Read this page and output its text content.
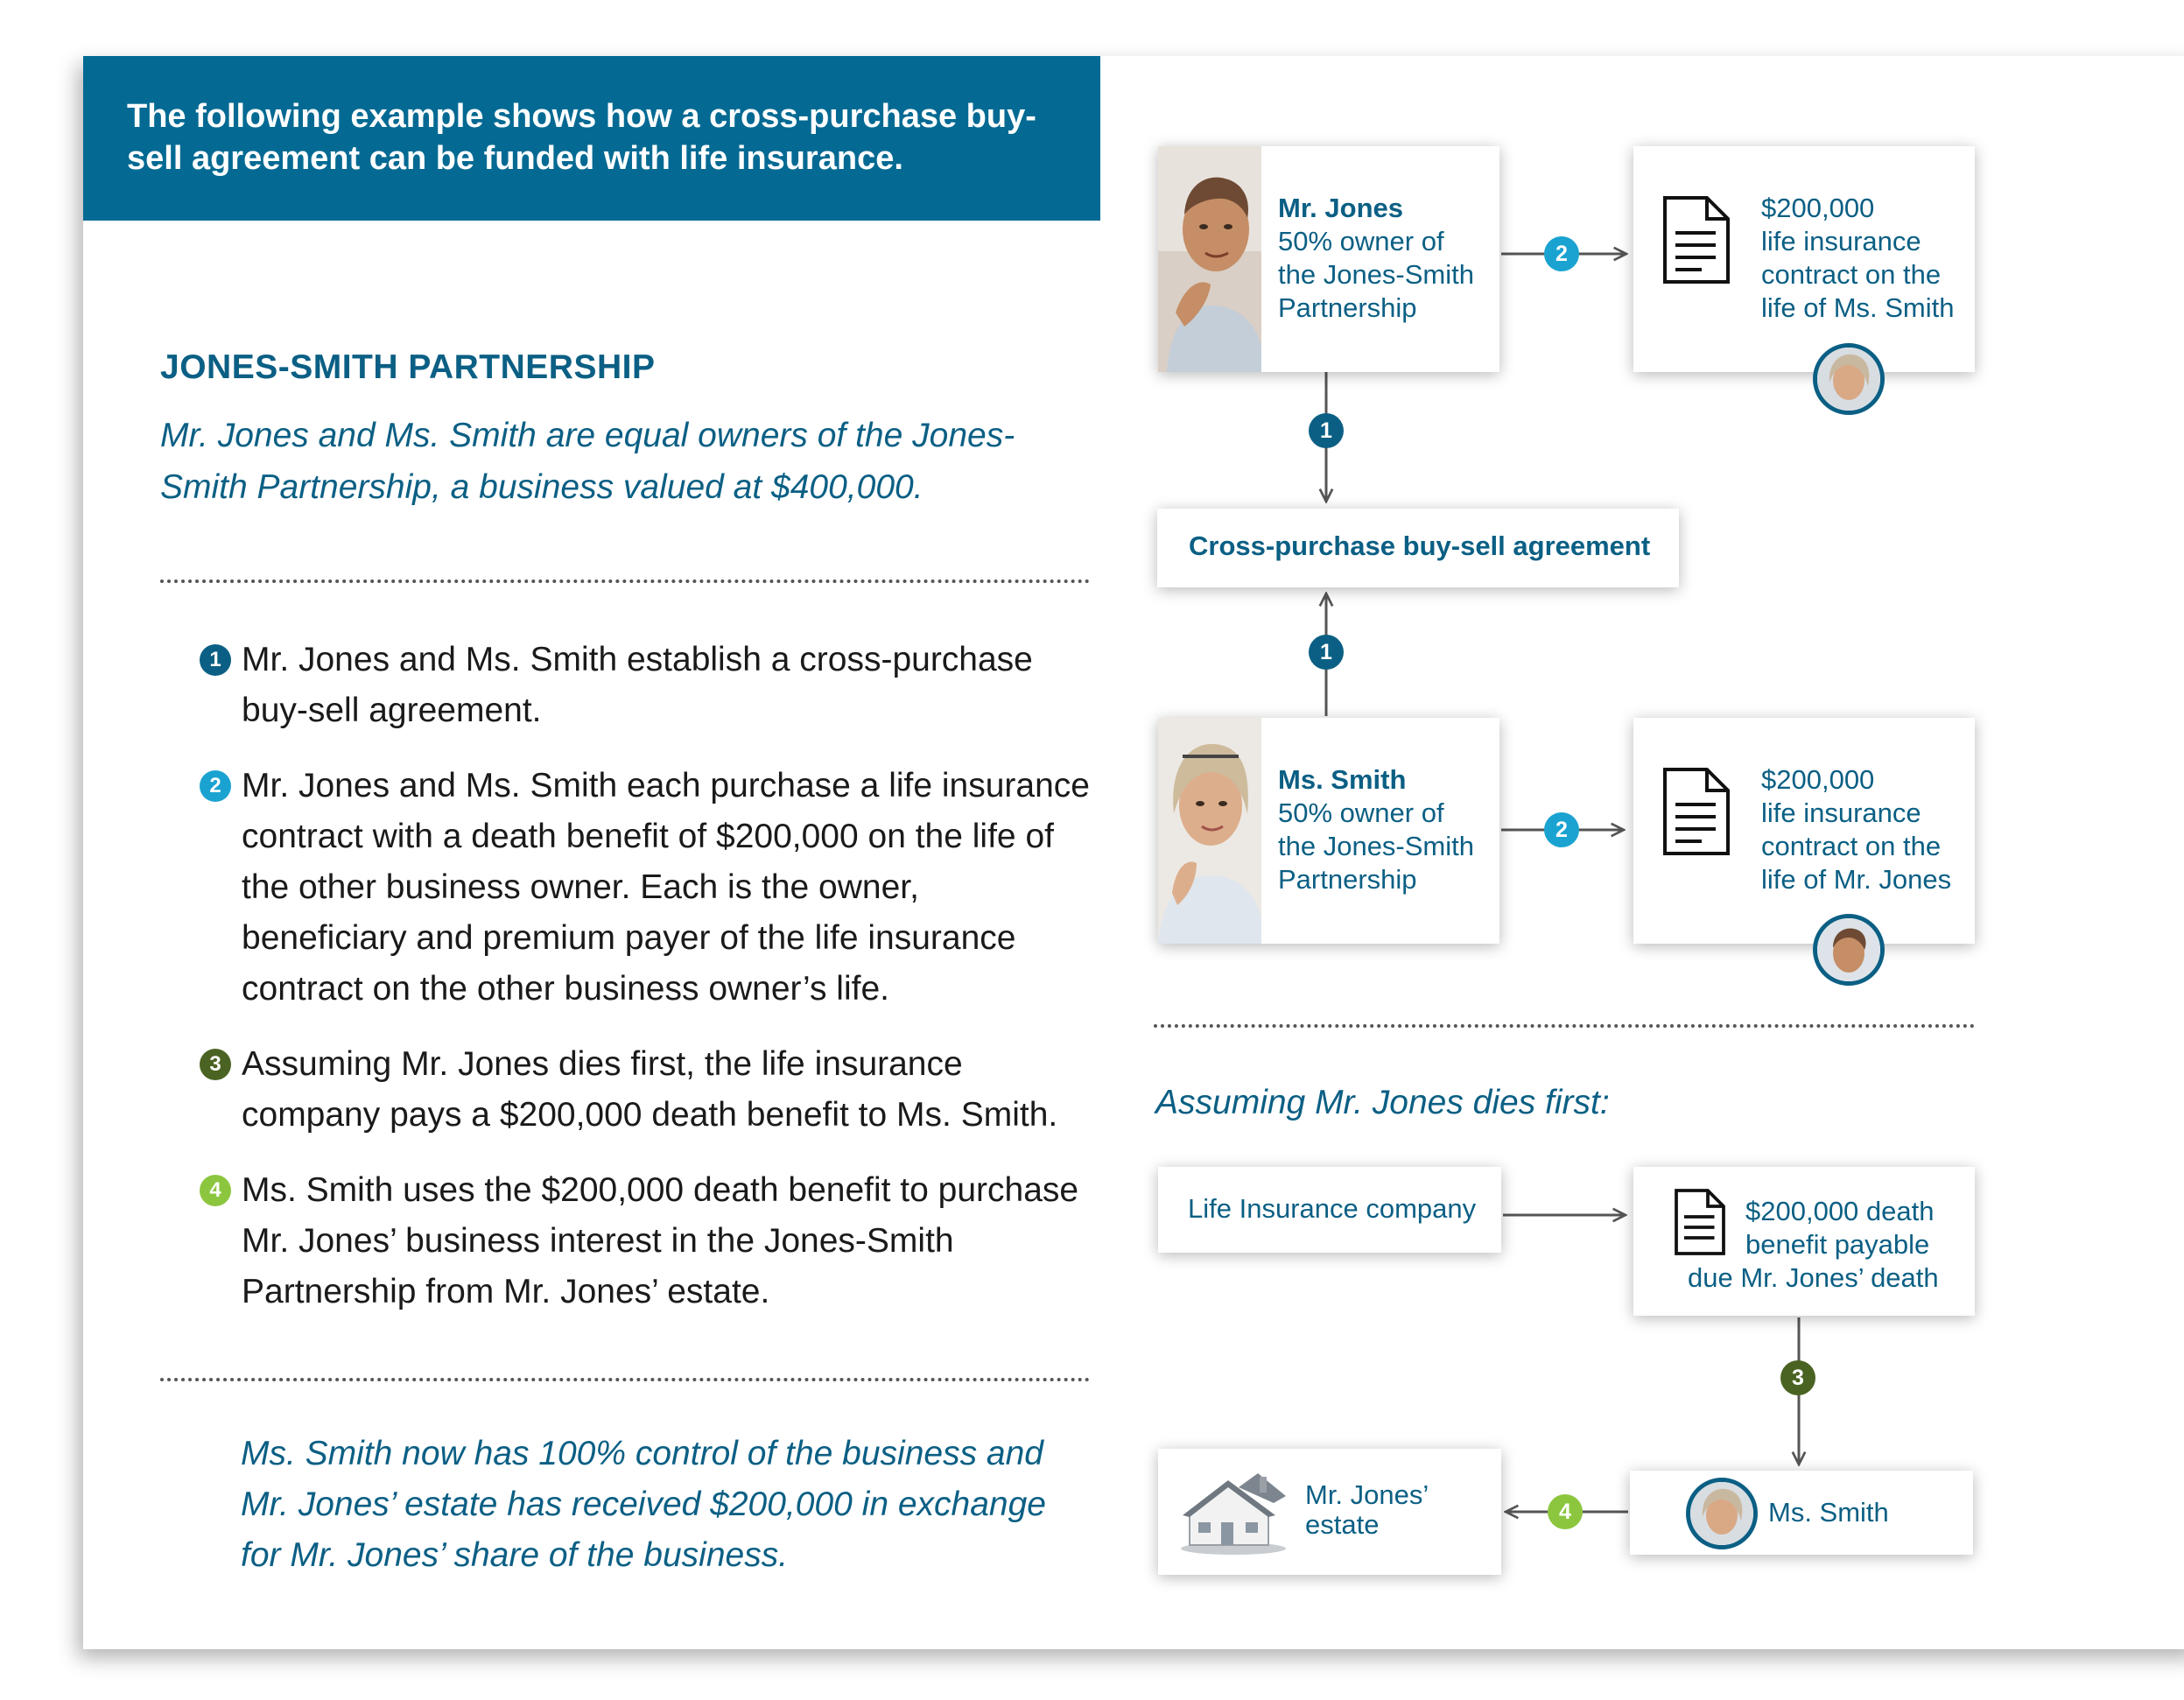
The following example shows how a cross-purchase buy-sell agreement can be funded with life insurance.
JONES-SMITH PARTNERSHIP
Mr. Jones and Ms. Smith are equal owners of the Jones-Smith Partnership, a business valued at $400,000.
1 Mr. Jones and Ms. Smith establish a cross-purchase buy-sell agreement.
2 Mr. Jones and Ms. Smith each purchase a life insurance contract with a death benefit of $200,000 on the life of the other business owner. Each is the owner, beneficiary and premium payer of the life insurance contract on the other business owner’s life.
3 Assuming Mr. Jones dies first, the life insurance company pays a $200,000 death benefit to Ms. Smith.
4 Ms. Smith uses the $200,000 death benefit to purchase Mr. Jones’ business interest in the Jones-Smith Partnership from Mr. Jones’ estate.
Ms. Smith now has 100% control of the business and Mr. Jones’ estate has received $200,000 in exchange for Mr. Jones’ share of the business.
Mr. Jones
50% owner of
the Jones-Smith
Partnership
$200,000
life insurance
contract on the
life of Ms. Smith
Cross-purchase buy-sell agreement
Ms. Smith
50% owner of
the Jones-Smith
Partnership
$200,000
life insurance
contract on the
life of Mr. Jones
Assuming Mr. Jones dies first:
Life Insurance company	$200,000 death
benefit payable
due Mr. Jones’ death
Mr. Jones’
estate	Ms. Smith
2
1
1
2
3
4
